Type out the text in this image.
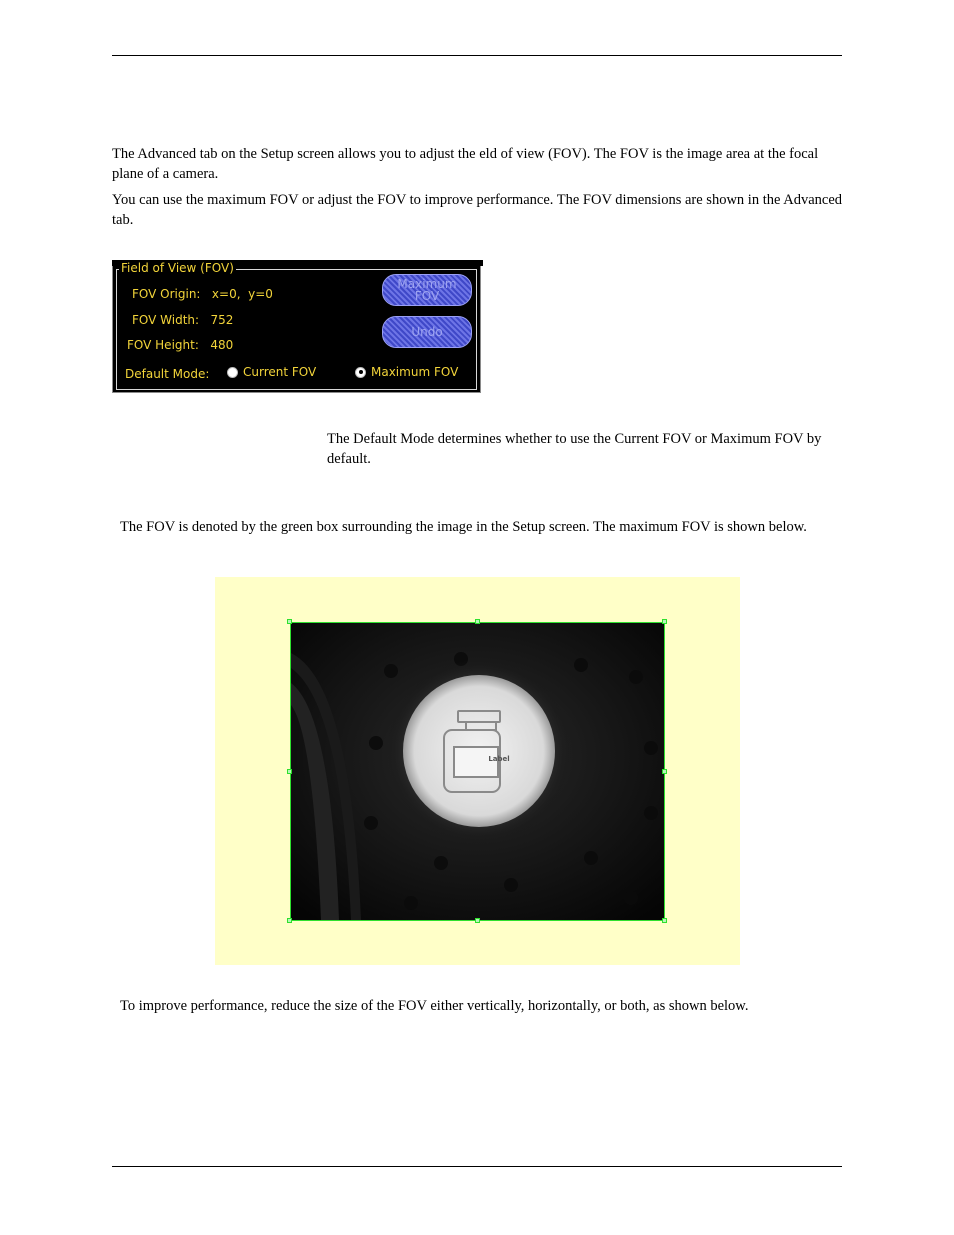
The Advanced tab on the Setup screen allows you to adjust the eld of view (FOV). The FOV is the image area at the focal plane of a camera.

You can use the maximum FOV or adjust the FOV to improve performance. The FOV dimensions are shown in the Advanced tab.

Field of View (FOV)
FOV Origin:   x=0,  y=0
FOV Width:   752
FOV Height:   480
Maximum
FOV
Undo
Default Mode:	Current FOV	Maximum FOV

The Default Mode determines whether to use the Current FOV or Maximum FOV by default.

The FOV is denoted by the green box surrounding the image in the Setup screen. The maximum FOV is shown below.

Label

To improve performance, reduce the size of the FOV either vertically, horizontally, or both, as shown below.
